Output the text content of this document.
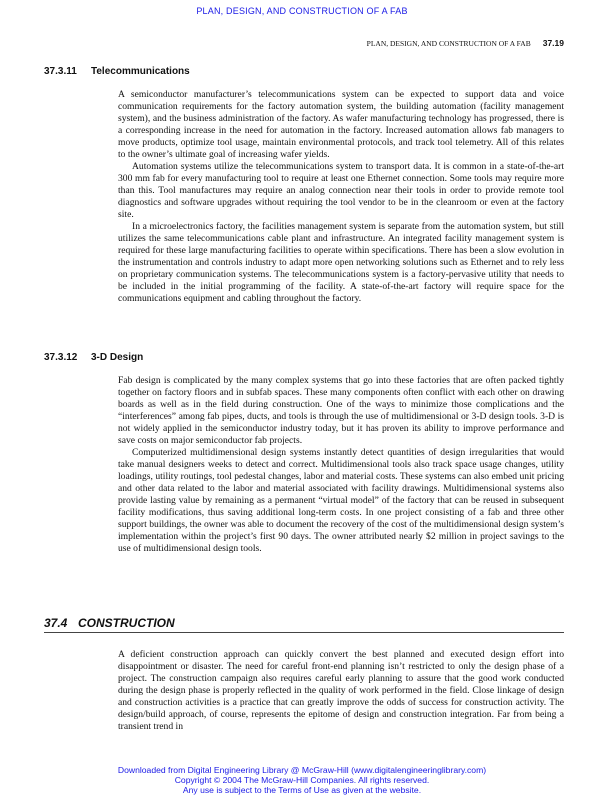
PLAN, DESIGN, AND CONSTRUCTION OF A FAB
PLAN, DESIGN, AND CONSTRUCTION OF A FAB 37.19
37.3.11 Telecommunications

A semiconductor manufacturer’s telecommunications system can be expected to support data and voice communication requirements for the factory automation system, the building automation (facility management system), and the business administration of the factory. As wafer manufacturing technology has progressed, there is a corresponding increase in the need for automation in the factory. Increased automation allows fab managers to move products, optimize tool usage, maintain environmental protocols, and track tool telemetry. All of this relates to the owner’s ultimate goal of increasing wafer yields.

Automation systems utilize the telecommunications system to transport data. It is common in a state-of-the-art 300 mm fab for every manufacturing tool to require at least one Ethernet connection. Some tools may require more than this. Tool manufactures may require an analog connection near their tools in order to provide remote tool diagnostics and software upgrades without requiring the tool vendor to be in the cleanroom or even at the factory site.

In a microelectronics factory, the facilities management system is separate from the automation system, but still utilizes the same telecommunications cable plant and infrastructure. An integrated facility management system is required for these large manufacturing facilities to operate within specifications. There has been a slow evolution in the instrumentation and controls industry to adapt more open networking solutions such as Ethernet and to rely less on proprietary communication systems. The telecommunications system is a factory-pervasive utility that needs to be included in the initial programming of the facility. A state-of-the-art factory will require space for the communications equipment and cabling throughout the factory.

37.3.12 3-D Design

Fab design is complicated by the many complex systems that go into these factories that are often packed tightly together on factory floors and in subfab spaces. These many components often conflict with each other on drawing boards as well as in the field during construction. One of the ways to minimize those complications and the “interferences” among fab pipes, ducts, and tools is through the use of multidimensional or 3-D design tools. 3-D is not widely applied in the semiconductor industry today, but it has proven its ability to improve performance and save costs on major semiconductor fab projects.

Computerized multidimensional design systems instantly detect quantities of design irregularities that would take manual designers weeks to detect and correct. Multidimensional tools also track space usage changes, utility loadings, utility routings, tool pedestal changes, labor and material costs. These systems can also embed unit pricing and other data related to the labor and material associated with facility drawings. Multidimensional systems also provide lasting value by remaining as a permanent “virtual model” of the factory that can be reused in subsequent facility modifications, thus saving additional long-term costs. In one project consisting of a fab and three other support buildings, the owner was able to document the recovery of the cost of the multidimensional design system’s implementation within the project’s first 90 days. The owner attributed nearly $2 million in project savings to the use of multidimensional design tools.

37.4 CONSTRUCTION

A deficient construction approach can quickly convert the best planned and executed design effort into disappointment or disaster. The need for careful front-end planning isn’t restricted to only the design phase of a project. The construction campaign also requires careful early planning to assure that the good work conducted during the design phase is properly reflected in the quality of work performed in the field. Close linkage of design and construction activities is a practice that can greatly improve the odds of success for construction activity. The design/build approach, of course, represents the epitome of design and construction integration. Far from being a transient trend in

Downloaded from Digital Engineering Library @ McGraw-Hill (www.digitalengineeringlibrary.com)
Copyright © 2004 The McGraw-Hill Companies. All rights reserved.
Any use is subject to the Terms of Use as given at the website.
